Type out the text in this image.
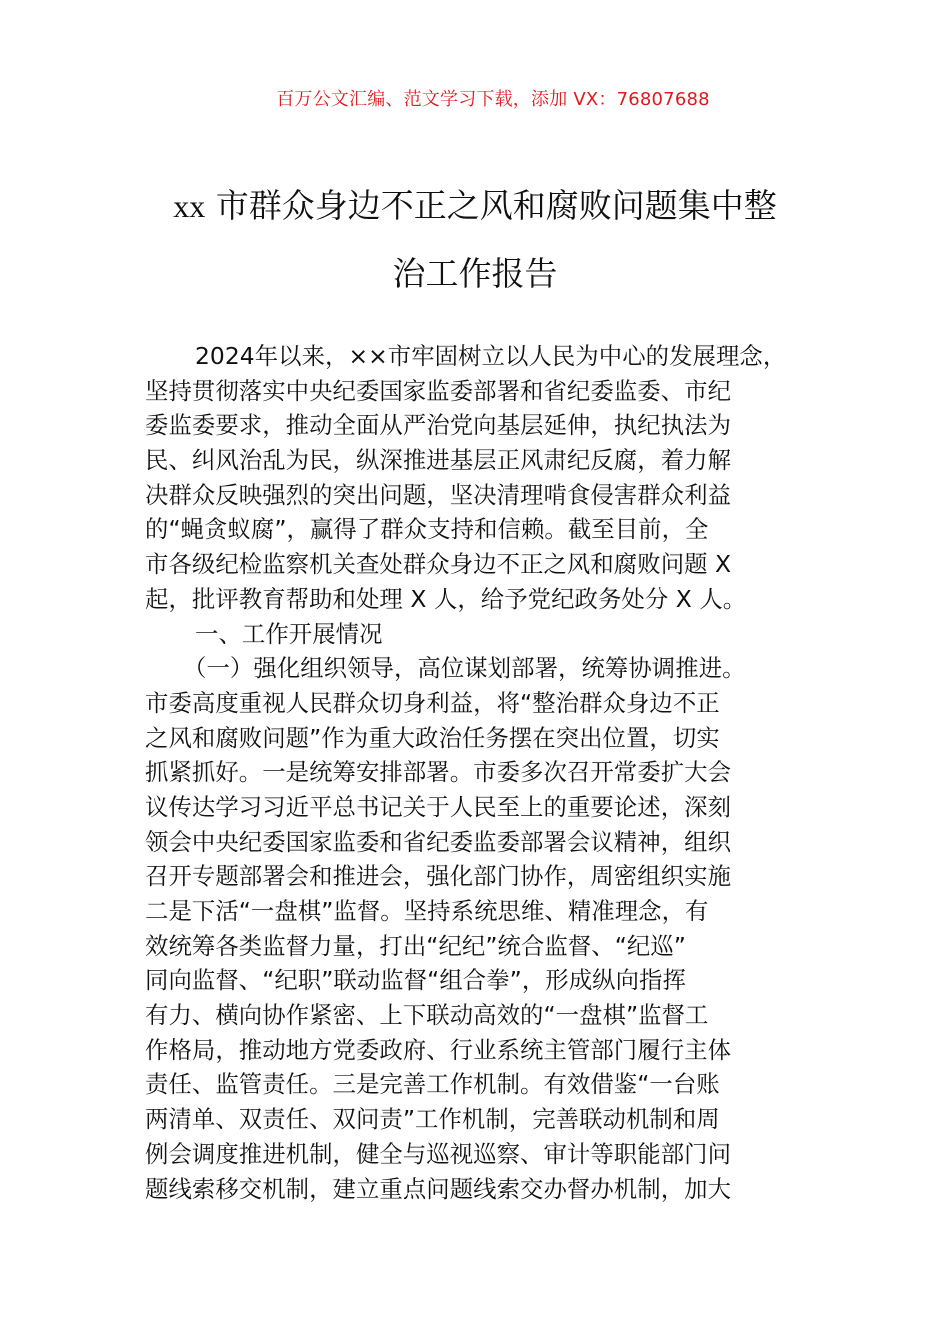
百万公文汇编、范文学习下载，添加 VX：76807688
xx 市群众身边不正之风和腐败问题集中整
治工作报告
2024年以来，××市牢固树立以人民为中心的发展理念，
坚持贯彻落实中央纪委国家监委部署和省纪委监委、市纪
委监委要求，推动全面从严治党向基层延伸，执纪执法为
民、纠风治乱为民，纵深推进基层正风肃纪反腐，着力解
决群众反映强烈的突出问题，坚决清理啃食侵害群众利益
的“蝇贪蚁腐”，赢得了群众支持和信赖。截至目前，全
市各级纪检监察机关查处群众身边不正之风和腐败问题 X
起，批评教育帮助和处理 X 人，给予党纪政务处分 X 人。
一、工作开展情况
（一）强化组织领导，高位谋划部署，统筹协调推进。
市委高度重视人民群众切身利益，将“整治群众身边不正
之风和腐败问题”作为重大政治任务摆在突出位置，切实
抓紧抓好。一是统筹安排部署。市委多次召开常委扩大会
议传达学习习近平总书记关于人民至上的重要论述，深刻
领会中央纪委国家监委和省纪委监委部署会议精神，组织
召开专题部署会和推进会，强化部门协作，周密组织实施
二是下活“一盘棋”监督。坚持系统思维、精准理念，有
效统筹各类监督力量，打出“纪纪”统合监督、“纪巡”
同向监督、“纪职”联动监督“组合拳”，形成纵向指挥
有力、横向协作紧密、上下联动高效的“一盘棋”监督工
作格局，推动地方党委政府、行业系统主管部门履行主体
责任、监管责任。三是完善工作机制。有效借鉴“一台账
两清单、双责任、双问责”工作机制，完善联动机制和周
例会调度推进机制，健全与巡视巡察、审计等职能部门问
题线索移交机制，建立重点问题线索交办督办机制，加大
